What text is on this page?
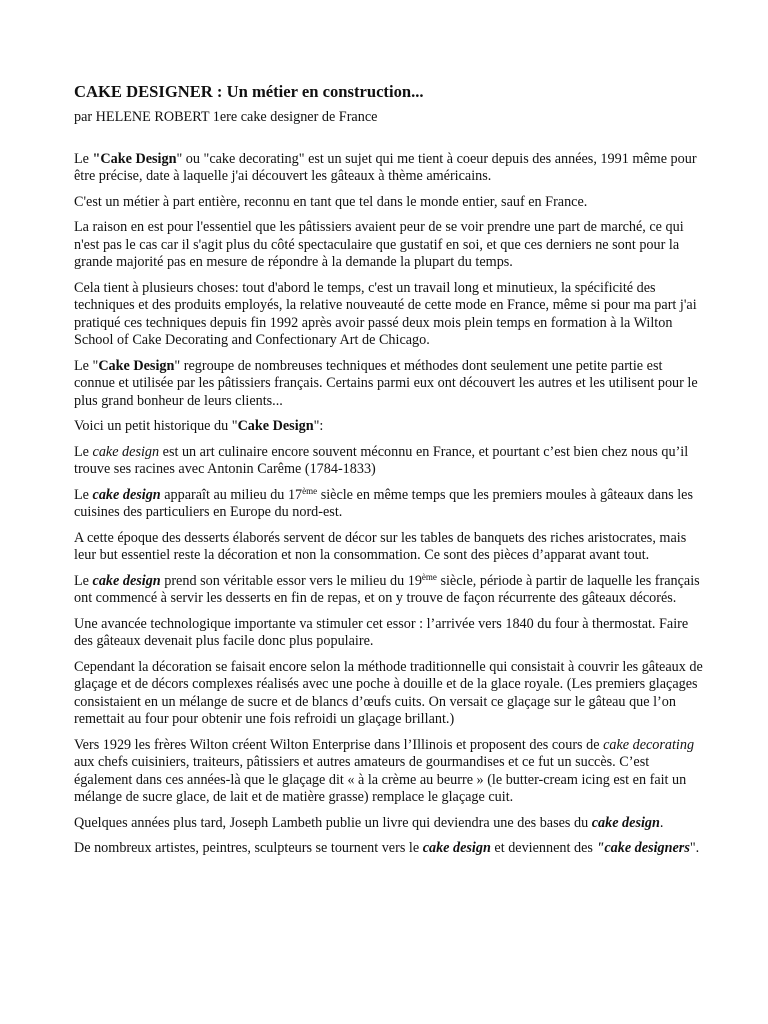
CAKE DESIGNER : Un métier en construction...
par HELENE ROBERT 1ere cake designer de France

Le "Cake Design" ou "cake decorating" est un sujet qui me tient à coeur depuis des années, 1991 même pour être précise, date à laquelle j'ai découvert les gâteaux à thème américains.

C'est un métier à part entière, reconnu en tant que tel dans le monde entier, sauf en France.

La raison en est pour l'essentiel que les pâtissiers avaient peur de se voir prendre une part de marché, ce qui n'est pas le cas car il s'agit plus du côté spectaculaire que gustatif en soi, et que ces derniers ne sont pour la grande majorité pas en mesure de répondre à la demande la plupart du temps.

Cela tient à plusieurs choses: tout d'abord le temps, c'est un travail long et minutieux, la spécificité des techniques et des produits employés, la relative nouveauté de cette mode en France, même si pour ma part j'ai pratiqué ces techniques depuis fin 1992 après avoir passé deux mois plein temps en formation à la Wilton School of Cake Decorating and Confectionary Art de Chicago.

Le "Cake Design" regroupe de nombreuses techniques et méthodes dont seulement une petite partie est connue et utilisée par les pâtissiers français. Certains parmi eux ont découvert les autres et les utilisent pour le plus grand bonheur de leurs clients...

Voici un petit historique du "Cake Design":

Le cake design est un art culinaire encore souvent méconnu en France, et pourtant c’est bien chez nous qu’il trouve ses racines avec Antonin Carême (1784-1833)

Le cake design apparaît au milieu du 17ème siècle en même temps que les premiers moules à gâteaux dans les cuisines des particuliers en Europe du nord-est.

A cette époque des desserts élaborés servent de décor sur les tables de banquets des riches aristocrates, mais leur but essentiel reste la décoration et non la consommation. Ce sont des pièces d’apparat avant tout.

Le cake design prend son véritable essor vers le milieu du 19ème siècle, période à partir de laquelle les français ont commencé à servir les desserts en fin de repas, et on y trouve de façon récurrente des gâteaux décorés.

Une avancée technologique importante va stimuler cet essor : l’arrivée vers 1840 du four à thermostat. Faire des gâteaux devenait plus facile donc plus populaire.

Cependant la décoration se faisait encore selon la méthode traditionnelle qui consistait à couvrir les gâteaux de glaçage et de décors complexes réalisés avec une poche à douille et de la glace royale. (Les premiers glaçages consistaient en un mélange de sucre et de blancs d’œufs cuits. On versait ce glaçage sur le gâteau que l’on remettait au four pour obtenir une fois refroidi un glaçage brillant.)

Vers 1929 les frères Wilton créent Wilton Enterprise dans l’Illinois et proposent des cours de cake decorating aux chefs cuisiniers, traiteurs, pâtissiers et autres amateurs de gourmandises et ce fut un succès. C’est également dans ces années-là que le glaçage dit « à la crème au beurre » (le butter-cream icing est en fait un mélange de sucre glace, de lait et de matière grasse) remplace le glaçage cuit.

Quelques années plus tard, Joseph Lambeth publie un livre qui deviendra une des bases du cake design.

De nombreux artistes, peintres, sculpteurs se tournent vers le cake design et deviennent des "cake designers".
